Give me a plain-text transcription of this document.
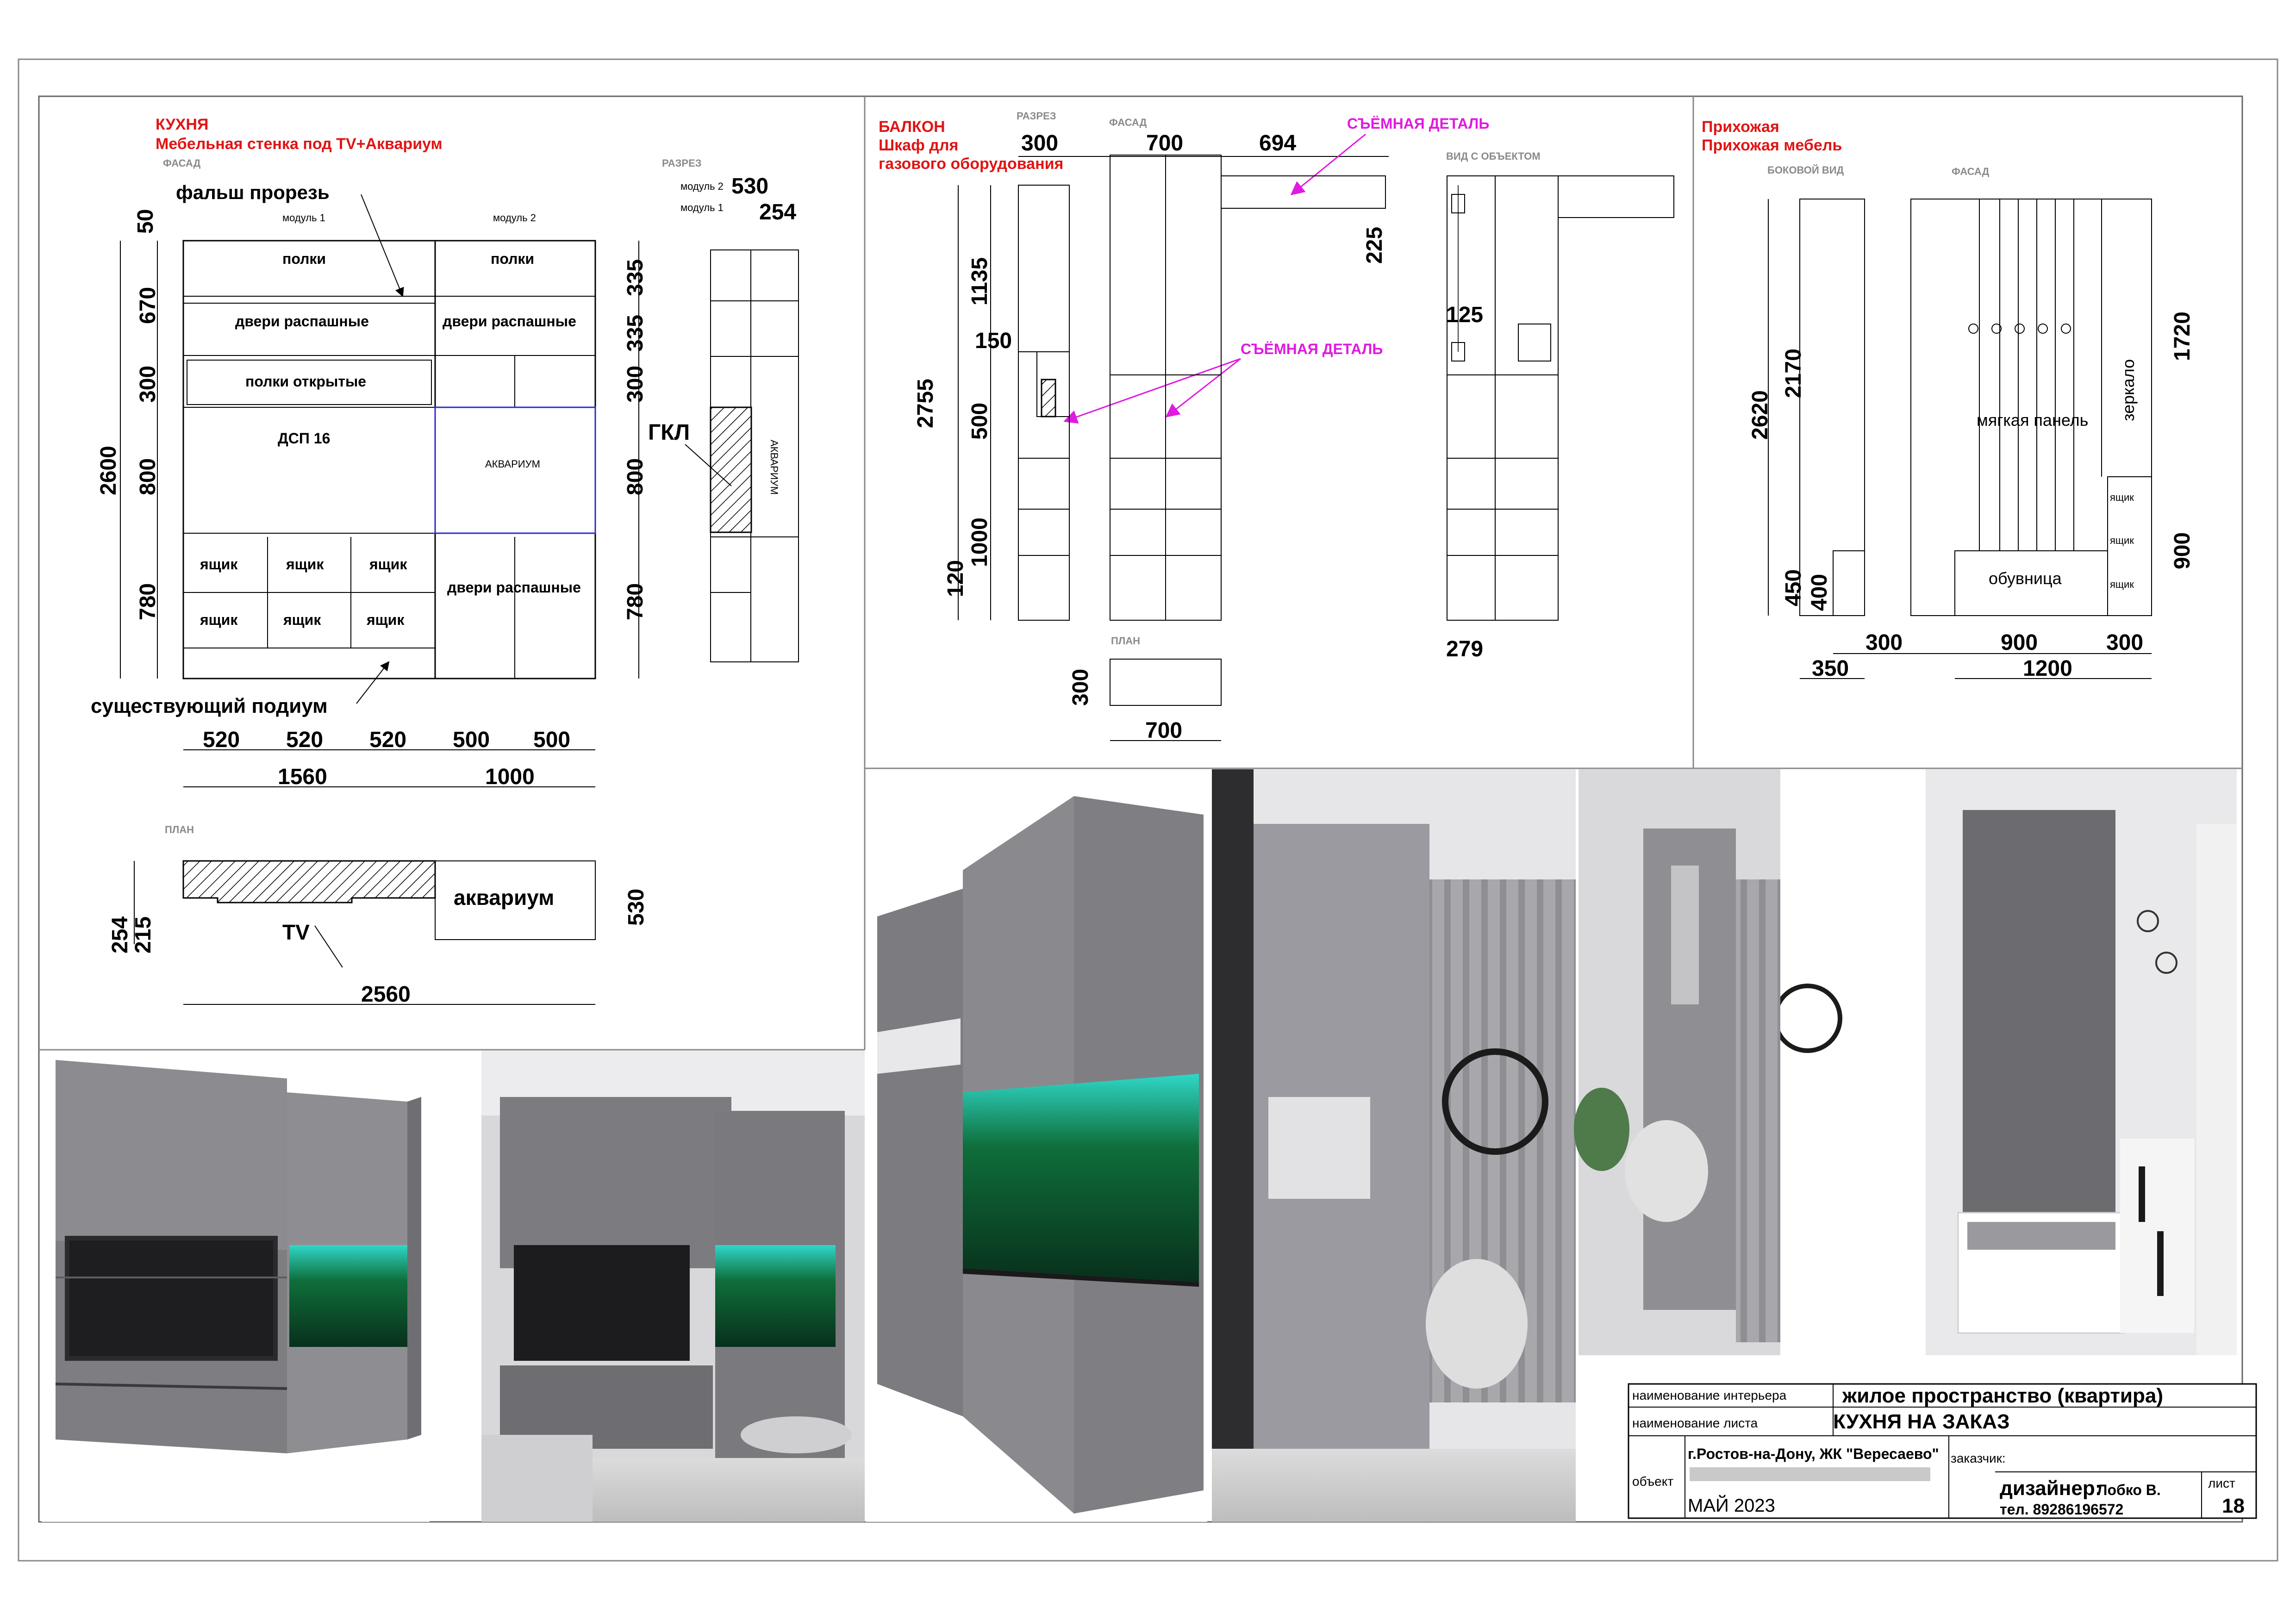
КУХНЯ
Мебельная стенка под TV+Аквариум
ФАСАД	РАЗРЕЗ
фальш прорезь
модуль 1	модуль 2
полки	полки
двери распашные	двери распашные
полки открытые
ДСП 16
АКВАРИУМ
ящик	ящик	ящик
ящик	ящик	ящик
двери распашные
существующий подиум
50
670
300
800
780
2600
335
335
300
800
780
520 520 520 500 500
1560	1000
модуль 2
модуль 1
530
254
ГКЛ
АКВАРИУМ
ПЛАН
аквариум
TV
254
215
530
2560
БАЛКОН
Шкаф для
газового оборудования
РАЗРЕЗ
ФАСАД
ВИД С ОБЪЕКТОМ
ПЛАН
300	700	694
СЪЁМНАЯ ДЕТАЛЬ
СЪЁМНАЯ ДЕТАЛЬ
1135
150
2755 500
1000
120
225
125
279
300
700
Прихожая
Прихожая мебель
БОКОВОЙ ВИД	ФАСАД
мягкая панель зеркало
обувница
ящик
ящик
ящик
2620
2170
1720
900
450 400
300	900	300
350	1200
наименование интерьера	жилое пространство (квартира)
наименование листа	КУХНЯ НА ЗАКАЗ
объект
г.Ростов-на-Дону, ЖК "Вересаево" заказчик:
МАЙ 2023
дизайнер:
Лобко В.
тел. 89286196572
лист
18
